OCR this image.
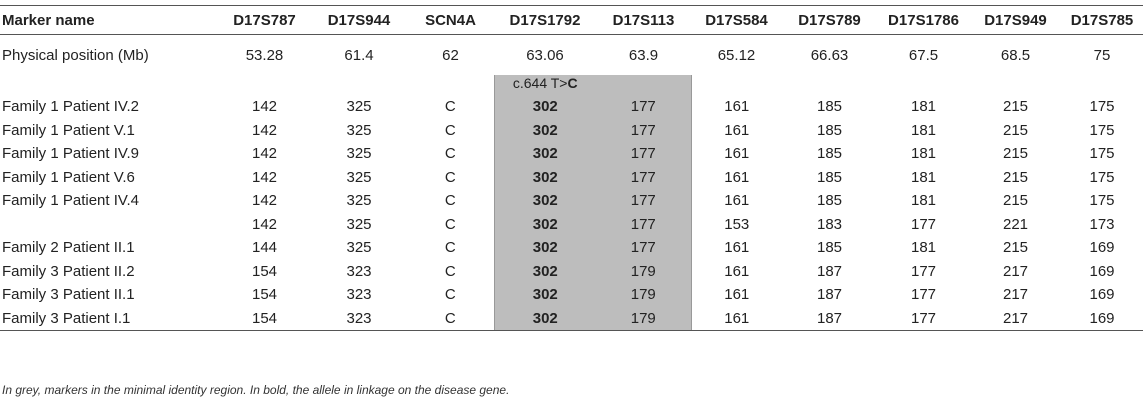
Marker name	D17S787	D17S944	SCN4A	D17S1792	D17S113	D17S584	D17S789	D17S1786	D17S949	D17S785
Physical position (Mb)	53.28	61.4	62	63.06	63.9	65.12	66.63	67.5	68.5	75
				c.644 T>C						
Family 1 Patient IV.2	142	325	C	302	177	161	185	181	215	175
Family 1 Patient V.1	142	325	C	302	177	161	185	181	215	175
Family 1 Patient IV.9	142	325	C	302	177	161	185	181	215	175
Family 1 Patient V.6	142	325	C	302	177	161	185	181	215	175
Family 1 Patient IV.4	142	325	C	302	177	161	185	181	215	175
	142	325	C	302	177	153	183	177	221	173
Family 2 Patient II.1	144	325	C	302	177	161	185	181	215	169
Family 3 Patient II.2	154	323	C	302	179	161	187	177	217	169
Family 3 Patient II.1	154	323	C	302	179	161	187	177	217	169
Family 3 Patient I.1	154	323	C	302	179	161	187	177	217	169
In grey, markers in the minimal identity region. In bold, the allele in linkage on the disease gene.
